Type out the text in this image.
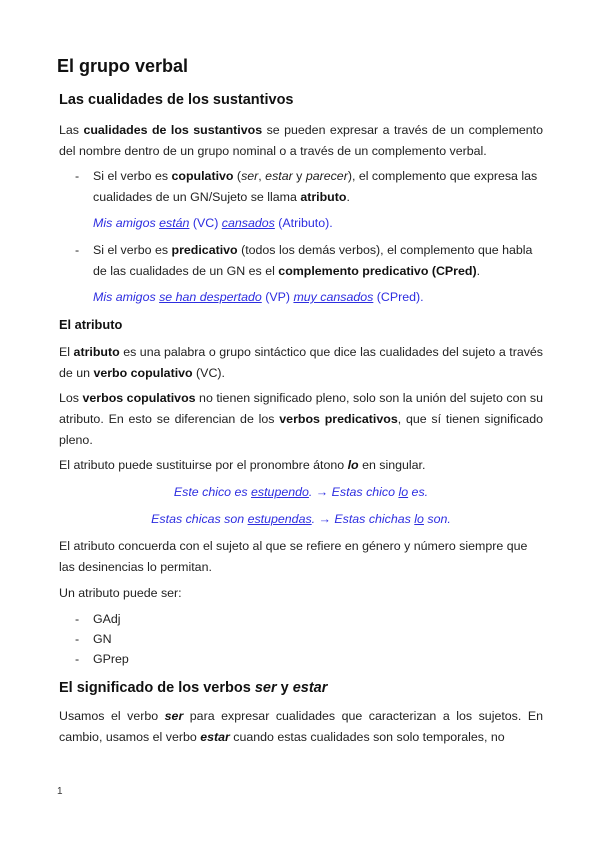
El grupo verbal
Las cualidades de los sustantivos
Las cualidades de los sustantivos se pueden expresar a través de un complemento del nombre dentro de un grupo nominal o a través de un complemento verbal.
- Si el verbo es copulativo (ser, estar y parecer), el complemento que expresa las cualidades de un GN/Sujeto se llama atributo.
Mis amigos están (VC) cansados (Atributo).
- Si el verbo es predicativo (todos los demás verbos), el complemento que habla de las cualidades de un GN es el complemento predicativo (CPred).
Mis amigos se han despertado (VP) muy cansados (CPred).
El atributo
El atributo es una palabra o grupo sintáctico que dice las cualidades del sujeto a través de un verbo copulativo (VC).
Los verbos copulativos no tienen significado pleno, solo son la unión del sujeto con su atributo. En esto se diferencian de los verbos predicativos, que sí tienen significado pleno.
El atributo puede sustituirse por el pronombre átono lo en singular.
Este chico es estupendo. → Estas chico lo es.
Estas chicas son estupendas. → Estas chichas lo son.
El atributo concuerda con el sujeto al que se refiere en género y número siempre que las desinencias lo permitan.
Un atributo puede ser:
- GAdj
- GN
- GPrep
El significado de los verbos ser y estar
Usamos el verbo ser para expresar cualidades que caracterizan a los sujetos. En cambio, usamos el verbo estar cuando estas cualidades son solo temporales, no
1
